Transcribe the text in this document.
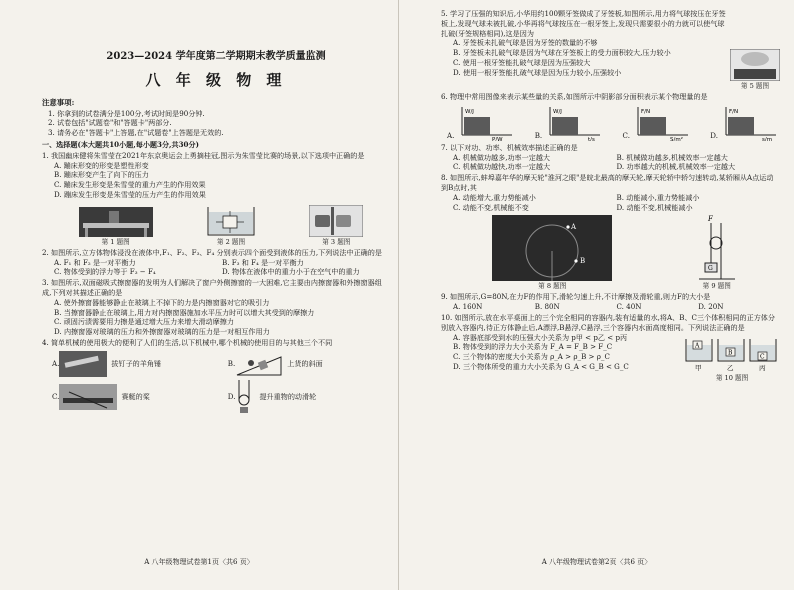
2023—2024 学年度第二学期期末教学质量监测
八 年 级 物 理
注意事项:
1. 你拿到的试卷满分是100分,考试时间是90分钟.
2. 试卷包括"试题卷"和"答题卡"两部分.
3. 请务必在"答题卡"上答题,在"试题卷"上答题是无效的.
一、选择题(本大题共10小题,每小题3分,共30分)
1. 我国幽床健将朱雪莹在2021年东京奥运会上勇摘桂冠,图示为朱雪莹比赛的场景,以下选项中正确的是
A. 蹦床形变的形变是塑性形变
B. 蹦床形变产生了向下的压力
C. 蹦床发生形变是朱雪莹的重力产生的作用效果
D. 蹦床发生形变是朱雪莹的压力产生的作用效果
第 1 题图	第 2 题图	第 3 题图
2. 如图所示,立方体物体浸没在液体中,F₁、F₂、F₃、F₄ 分别表示四个面受到液体的压力,下列说法中正确的是
A. F₁ 和 F₂ 是一对平衡力	B. F₃ 和 F₄ 是一对平衡力
C. 物体受到的浮力等于 F₃ − F₄	D. 物体在液体中的重力小于在空气中的重力
3. 如图所示,双面磁吸式擦窗器的发明为人们解决了窗户外侧擦窗的一大困难,它主要由内擦窗器和外擦窗器组成,下列对其描述正确的是
A. 使外擦窗器能够静止在玻璃上不掉下的力是内擦窗器对它的吸引力
B. 当擦窗器静止在玻璃上,用力对内擦窗器施加水平压力时可以增大其受到的摩擦力
C. 顽固污渍需要用力擦是通过增大压力来增大滑动摩擦力
D. 内擦窗器对玻璃的压力和外擦窗器对玻璃的压力是一对相互作用力
4. 简单机械的使用极大的便利了人们的生活,以下机械中,哪个机械的使用目的与其他三个不同
A.	拔钉子的羊角锤	B.	上货的斜面
C.	赛艇的桨	D.	提升重物的动滑轮
A 八年级物理试卷第1页〈共6 页〉
5. 学习了压强的知识后,小华用约100颗牙签做成了牙签板,如图所示,用力将气球按压在牙签板上,发现气球未被扎破,小华再将气球按压在一根牙签上,发现只需要很小的力就可以使气球扎破(牙签规格相同),这是因为
A. 牙签板未扎破气球是因为牙签的数量的不够
B. 牙签板未扎破气球是因为气球在牙签板上的受力面积较大,压力较小
C. 使用一根牙签能扎破气球是因为压强较大
D. 使用一根牙签能扎破气球是因为压力较小,压强较小
第 5 题图
6. 物理中常用图像来表示某些量的关系,如图所示中阴影部分面积表示某个物理量的是
A.
W/J
P/W	B.
W/J
t/s	C.
F/N
S/m²	D.
F/N
s/m
7. 以下对功、功率、机械效率描述正确的是
A. 机械做功越多,功率一定越大	B. 机械做功越多,机械效率一定越大
C. 机械做功越快,功率一定越大	D. 功率越大的机械,机械效率一定越大
8. 如图所示,蚌埠嘉年华的摩天轮"淮河之眼"是皖北最高的摩天轮,摩天轮轿中轿匀速转动,某轿厢从A点运动到B点时,其
A. 动能增大,重力势能减小	B. 动能减小,重力势能减小
C. 动能不变,机械能不变	D. 动能不变,机械能减小
A
B
第 8 题图
F
G
第 9 题图
9. 如图所示,G=80N,在力F的作用下,滑轮匀速上升,不计摩擦及滑轮重,则力F的大小是
A. 160N	B. 80N	C. 40N	D. 20N
10. 如图所示,放在水平桌面上的三个完全相同的容器内,装有适量的水,将A、B、C三个体积相同的正方体分别放入容器内,待正方体静止后,A漂浮,B悬浮,C悬浮,三个容器内水面高度相同。下列说法正确的是
A. 容器底部受到水的压强大小关系为 p甲 < p乙 < p丙
B. 物体受到的浮力大小关系为 F_A = F_B > F_C
C. 三个物体的密度大小关系为 ρ_A > ρ_B > ρ_C
D. 三个物体所受的重力大小关系为 G_A < G_B < G_C
A
甲
B
乙
C
丙
第 10 题图
A 八年级物理试卷第2页〈共6 页〉
